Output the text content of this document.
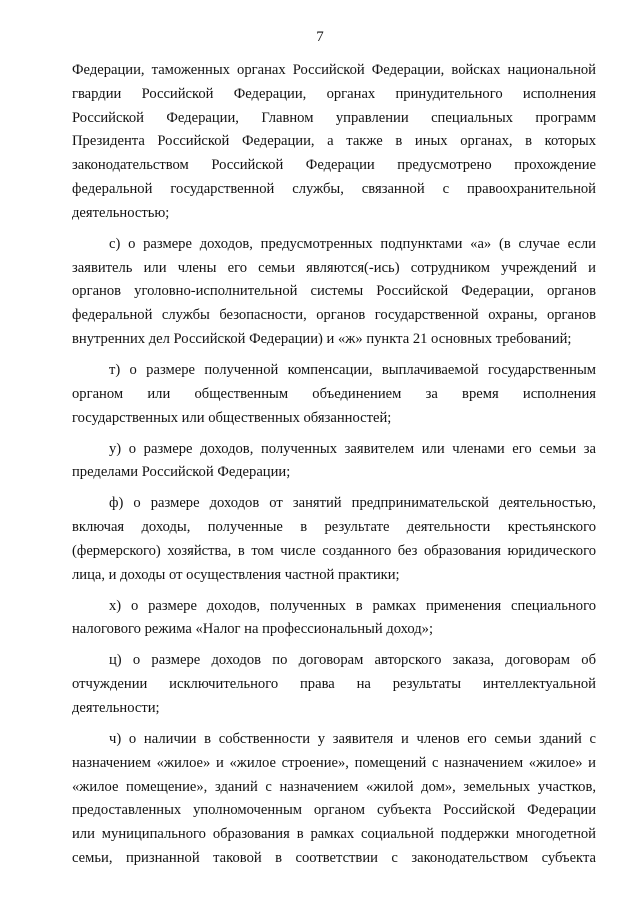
7

Федерации, таможенных органах Российской Федерации, войсках национальной
гвардии Российской Федерации, органах принудительного исполнения
Российской Федерации, Главном управлении специальных программ
Президента Российской Федерации, а также в иных органах, в которых
законодательством Российской Федерации предусмотрено прохождение
федеральной государственной службы, связанной с правоохранительной
деятельностью;

с) о размере доходов, предусмотренных подпунктами «а» (в случае если
заявитель или члены его семьи являются(-ись) сотрудником учреждений и
органов уголовно-исполнительной системы Российской Федерации, органов
федеральной службы безопасности, органов государственной охраны, органов
внутренних дел Российской Федерации) и «ж» пункта 21 основных требований;

т) о размере полученной компенсации, выплачиваемой государственным
органом или общественным объединением за время исполнения
государственных или общественных обязанностей;

у) о размере доходов, полученных заявителем или членами его семьи за
пределами Российской Федерации;

ф) о размере доходов от занятий предпринимательской деятельностью,
включая доходы, полученные в результате деятельности крестьянского
(фермерского) хозяйства, в том числе созданного без образования юридического
лица, и доходы от осуществления частной практики;

х) о размере доходов, полученных в рамках применения специального
налогового режима «Налог на профессиональный доход»;

ц) о размере доходов по договорам авторского заказа, договорам об
отчуждении исключительного права на результаты интеллектуальной
деятельности;

ч) о наличии в собственности у заявителя и членов его семьи зданий с
назначением «жилое» и «жилое строение», помещений с назначением «жилое» и
«жилое помещение», зданий с назначением «жилой дом», земельных участков,
предоставленных уполномоченным органом субъекта Российской Федерации
или муниципального образования в рамках социальной поддержки многодетной
семьи, признанной таковой в соответствии с законодательством субъекта
